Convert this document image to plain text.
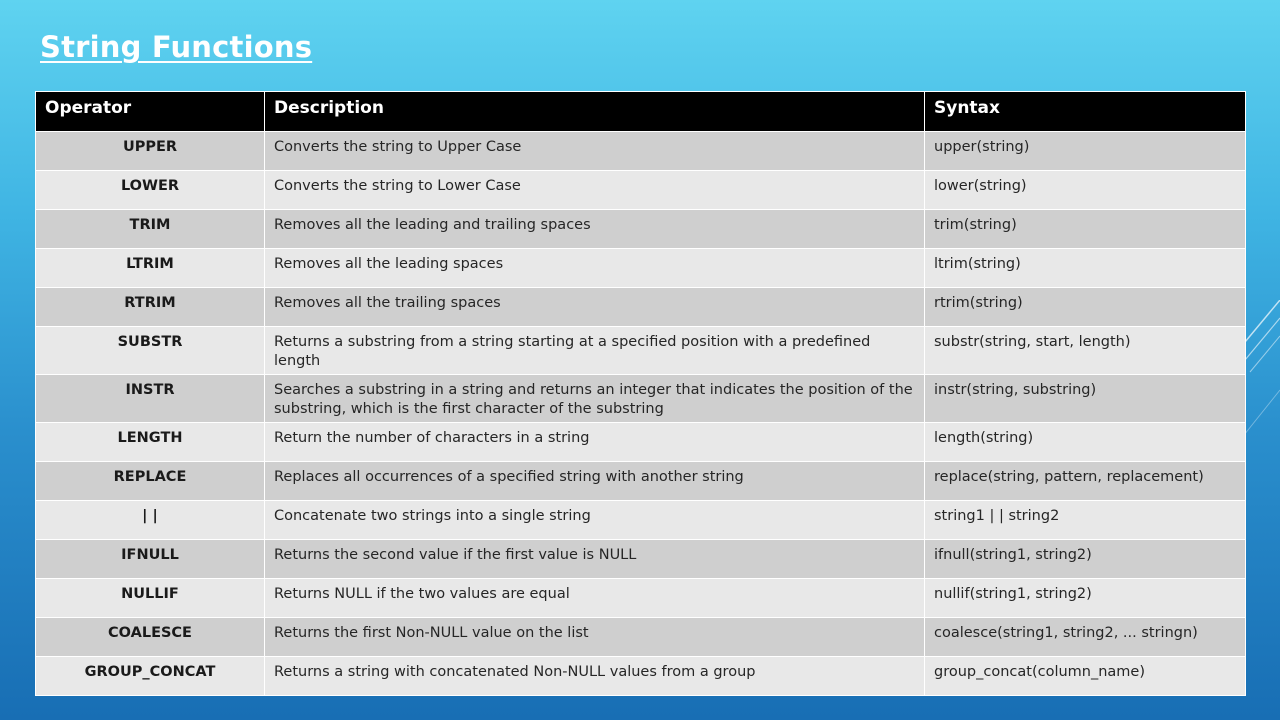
String Functions
Operator	Description	Syntax
UPPER	Converts the string to Upper Case	upper(string)
LOWER	Converts the string to Lower Case	lower(string)
TRIM	Removes all the leading and trailing spaces	trim(string)
LTRIM	Removes all the leading spaces	ltrim(string)
RTRIM	Removes all the trailing spaces	rtrim(string)
SUBSTR	Returns a substring from a string starting at a specified position with a predefined length	substr(string, start, length)
INSTR	Searches a substring in a string and returns an integer that indicates the position of the substring, which is the first character of the substring	instr(string, substring)
LENGTH	Return the number of characters in a string	length(string)
REPLACE	Replaces all occurrences of a specified string with another string	replace(string, pattern, replacement)
| |	Concatenate two strings into a single string	string1 | | string2
IFNULL	Returns the second value if the first value is NULL	ifnull(string1, string2)
NULLIF	Returns NULL if the two values are equal	nullif(string1, string2)
COALESCE	Returns the first Non-NULL value on the list	coalesce(string1, string2, ... stringn)
GROUP_CONCAT	Returns a string with concatenated Non-NULL values from a group	group_concat(column_name)
